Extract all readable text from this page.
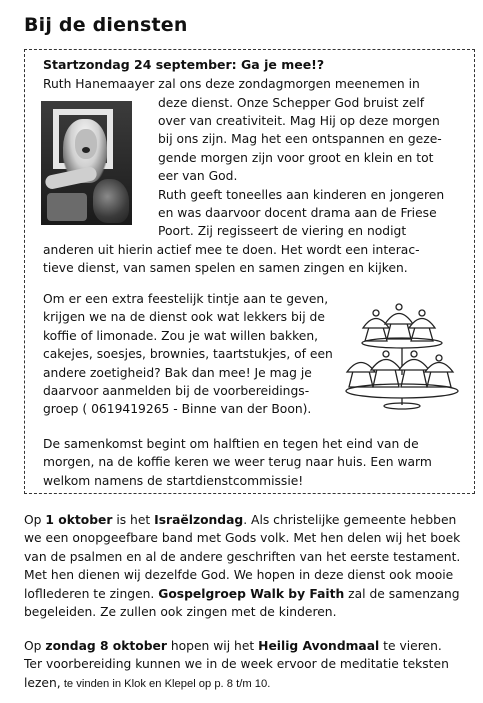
Bij de diensten
Startzondag 24 september: Ga je mee!?
Ruth Hanemaayer zal ons deze zondagmorgen meenemen in
deze dienst. Onze Schepper God bruist zelf
over van creativiteit. Mag Hij op deze morgen
bij ons zijn. Mag het een ontspannen en geze-
gende morgen zijn voor groot en klein en tot
eer van God.
Ruth geeft toneelles aan kinderen en jongeren
en was daarvoor docent drama aan de Friese
Poort. Zij regisseert de viering en nodigt
anderen uit hierin actief mee te doen. Het wordt een interac-
tieve dienst, van samen spelen en samen zingen en kijken.
Om er een extra feestelijk tintje aan te geven,
krijgen we na de dienst ook wat lekkers bij de
koffie of limonade. Zou je wat willen bakken,
cakejes, soesjes, brownies, taartstukjes, of een
andere zoetigheid? Bak dan mee! Je mag je
daarvoor aanmelden bij de voorbereidings-
groep ( 0619419265 - Binne van der Boon).
De samenkomst begint om halftien en tegen het eind van de
morgen, na de koffie keren we weer terug naar huis. Een warm
welkom namens de startdienstcommissie!
Op 1 oktober is het Israëlzondag. Als christelijke gemeente hebben
we een onopgeefbare band met Gods volk. Met hen delen wij het boek
van de psalmen en al de andere geschriften van het eerste testament.
Met hen dienen wij dezelfde God. We hopen in deze dienst ook mooie
loflIederen te zingen. Gospelgroep Walk by Faith zal de samenzang
begeleiden. Ze zullen ook zingen met de kinderen.
Op zondag 8 oktober hopen wij het Heilig Avondmaal te vieren.
Ter voorbereiding kunnen we in de week ervoor de meditatie teksten
lezen, te vinden in Klok en Klepel op p. 8 t/m 10.
